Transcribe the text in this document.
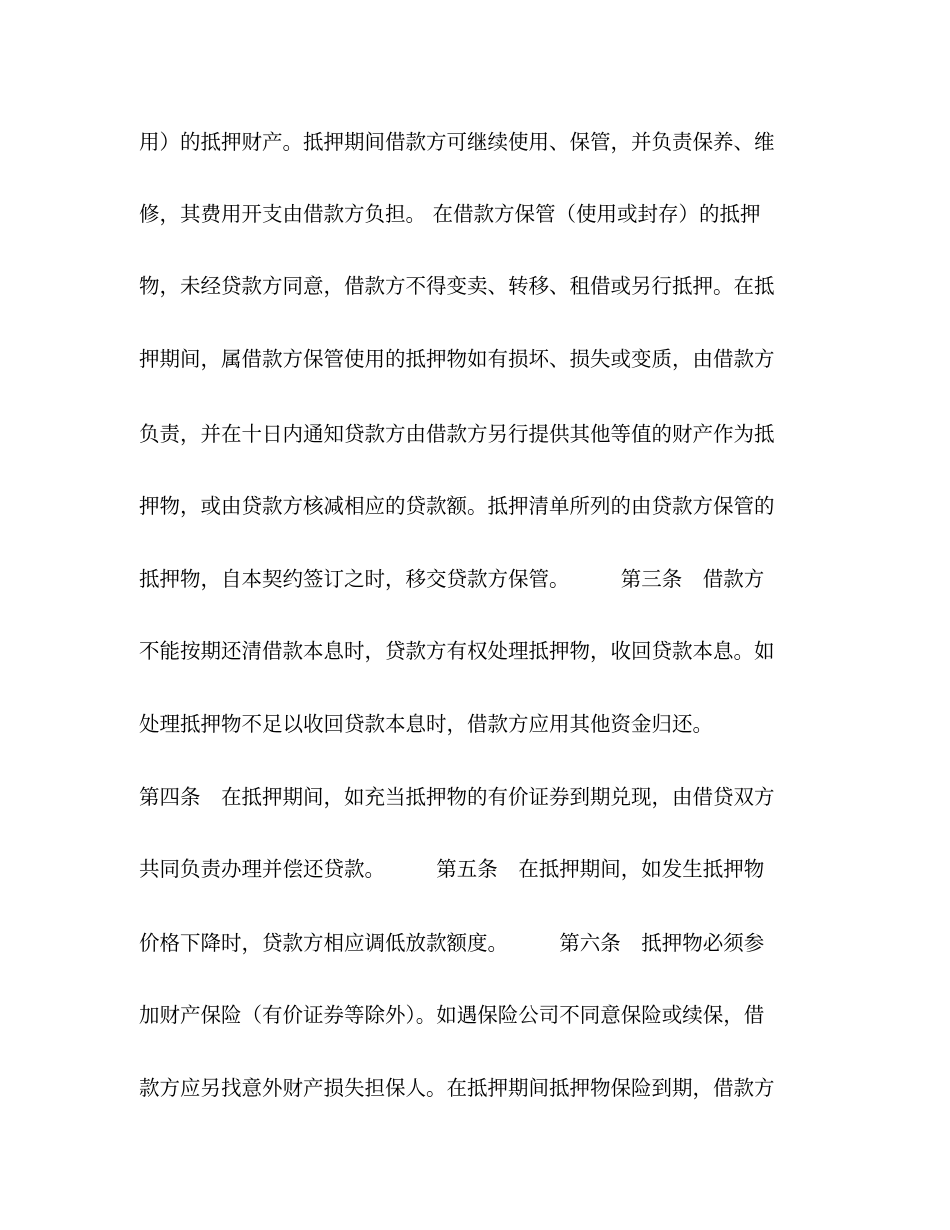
用）的抵押财产。抵押期间借款方可继续使用、保管，并负责保养、维
修，其费用开支由借款方负担。 在借款方保管（使用或封存）的抵押
物，未经贷款方同意，借款方不得变卖、转移、租借或另行抵押。在抵
押期间，属借款方保管使用的抵押物如有损坏、损失或变质，由借款方
负责，并在十日内通知贷款方由借款方另行提供其他等值的财产作为抵
押物，或由贷款方核减相应的贷款额。抵押清单所列的由贷款方保管的
抵押物，自本契约签订之时，移交贷款方保管。　　　第三条　借款方
不能按期还清借款本息时，贷款方有权处理抵押物，收回贷款本息。如
处理抵押物不足以收回贷款本息时，借款方应用其他资金归还。
第四条　在抵押期间，如充当抵押物的有价证券到期兑现，由借贷双方
共同负责办理并偿还贷款。　　　第五条　在抵押期间，如发生抵押物
价格下降时，贷款方相应调低放款额度。　　　第六条　抵押物必须参
加财产保险（有价证券等除外）。如遇保险公司不同意保险或续保，借
款方应另找意外财产损失担保人。在抵押期间抵押物保险到期，借款方
